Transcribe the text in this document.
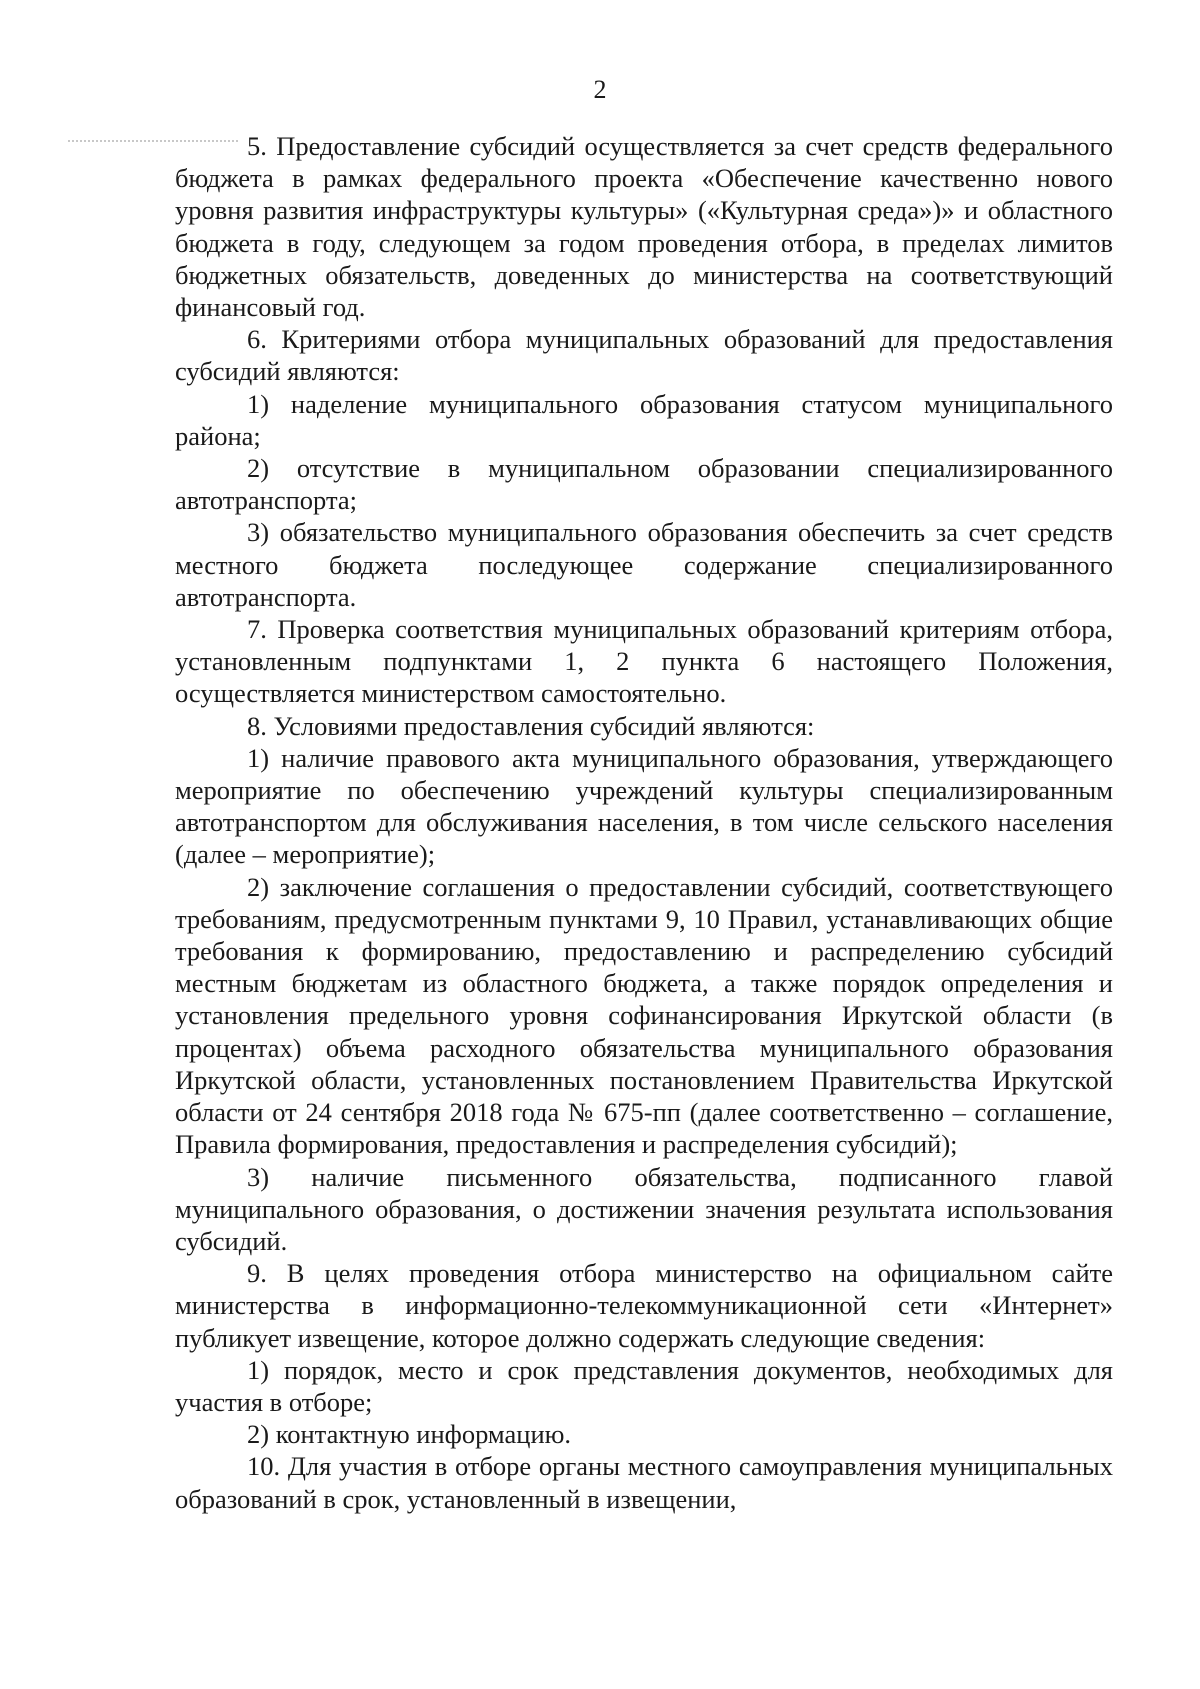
2

5. Предоставление субсидий осуществляется за счет средств федерального бюджета в рамках федерального проекта «Обеспечение качественно нового уровня развития инфраструктуры культуры» («Культурная среда»)» и областного бюджета в году, следующем за годом проведения отбора, в пределах лимитов бюджетных обязательств, доведенных до министерства на соответствующий финансовый год.

6. Критериями отбора муниципальных образований для предоставления субсидий являются:

1) наделение муниципального образования статусом муниципального района;

2) отсутствие в муниципальном образовании специализированного автотранспорта;

3) обязательство муниципального образования обеспечить за счет средств местного бюджета последующее содержание специализированного автотранспорта.

7. Проверка соответствия муниципальных образований критериям отбора, установленным подпунктами 1, 2 пункта 6 настоящего Положения, осуществляется министерством самостоятельно.

8. Условиями предоставления субсидий являются:

1) наличие правового акта муниципального образования, утверждающего мероприятие по обеспечению учреждений культуры специализированным автотранспортом для обслуживания населения, в том числе сельского населения (далее – мероприятие);

2) заключение соглашения о предоставлении субсидий, соответствующего требованиям, предусмотренным пунктами 9, 10 Правил, устанавливающих общие требования к формированию, предоставлению и распределению субсидий местным бюджетам из областного бюджета, а также порядок определения и установления предельного уровня софинансирования Иркутской области (в процентах) объема расходного обязательства муниципального образования Иркутской области, установленных постановлением Правительства Иркутской области от 24 сентября 2018 года № 675-пп (далее соответственно – соглашение, Правила формирования, предоставления и распределения субсидий);

3) наличие письменного обязательства, подписанного главой муниципального образования, о достижении значения результата использования субсидий.

9. В целях проведения отбора министерство на официальном сайте министерства в информационно-телекоммуникационной сети «Интернет» публикует извещение, которое должно содержать следующие сведения:

1) порядок, место и срок представления документов, необходимых для участия в отборе;

2) контактную информацию.

10. Для участия в отборе органы местного самоуправления муниципальных образований в срок, установленный в извещении,
